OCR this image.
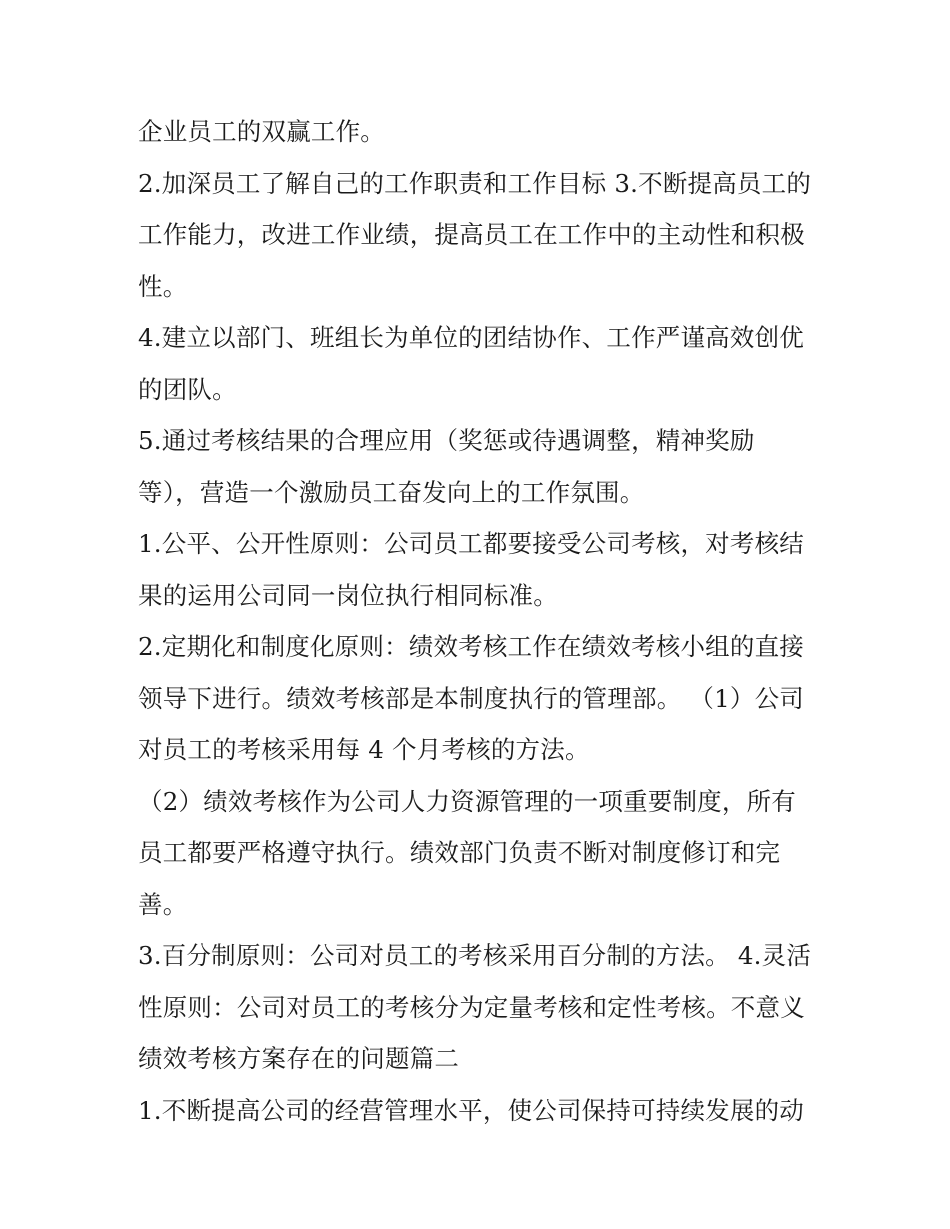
企业员工的双赢工作。
2.加深员工了解自己的工作职责和工作目标 3.不断提高员工的
工作能力，改进工作业绩，提高员工在工作中的主动性和积极
性。
4.建立以部门、班组长为单位的团结协作、工作严谨高效创优
的团队。
5.通过考核结果的合理应用（奖惩或待遇调整，精神奖励
等），营造一个激励员工奋发向上的工作氛围。
1.公平、公开性原则：公司员工都要接受公司考核，对考核结
果的运用公司同一岗位执行相同标准。
2.定期化和制度化原则：绩效考核工作在绩效考核小组的直接
领导下进行。绩效考核部是本制度执行的管理部。 （1）公司
对员工的考核采用每 4 个月考核的方法。
（2）绩效考核作为公司人力资源管理的一项重要制度，所有
员工都要严格遵守执行。绩效部门负责不断对制度修订和完
善。
3.百分制原则：公司对员工的考核采用百分制的方法。 4.灵活
性原则：公司对员工的考核分为定量考核和定性考核。不意义
绩效考核方案存在的问题篇二
1.不断提高公司的经营管理水平，使公司保持可持续发展的动
